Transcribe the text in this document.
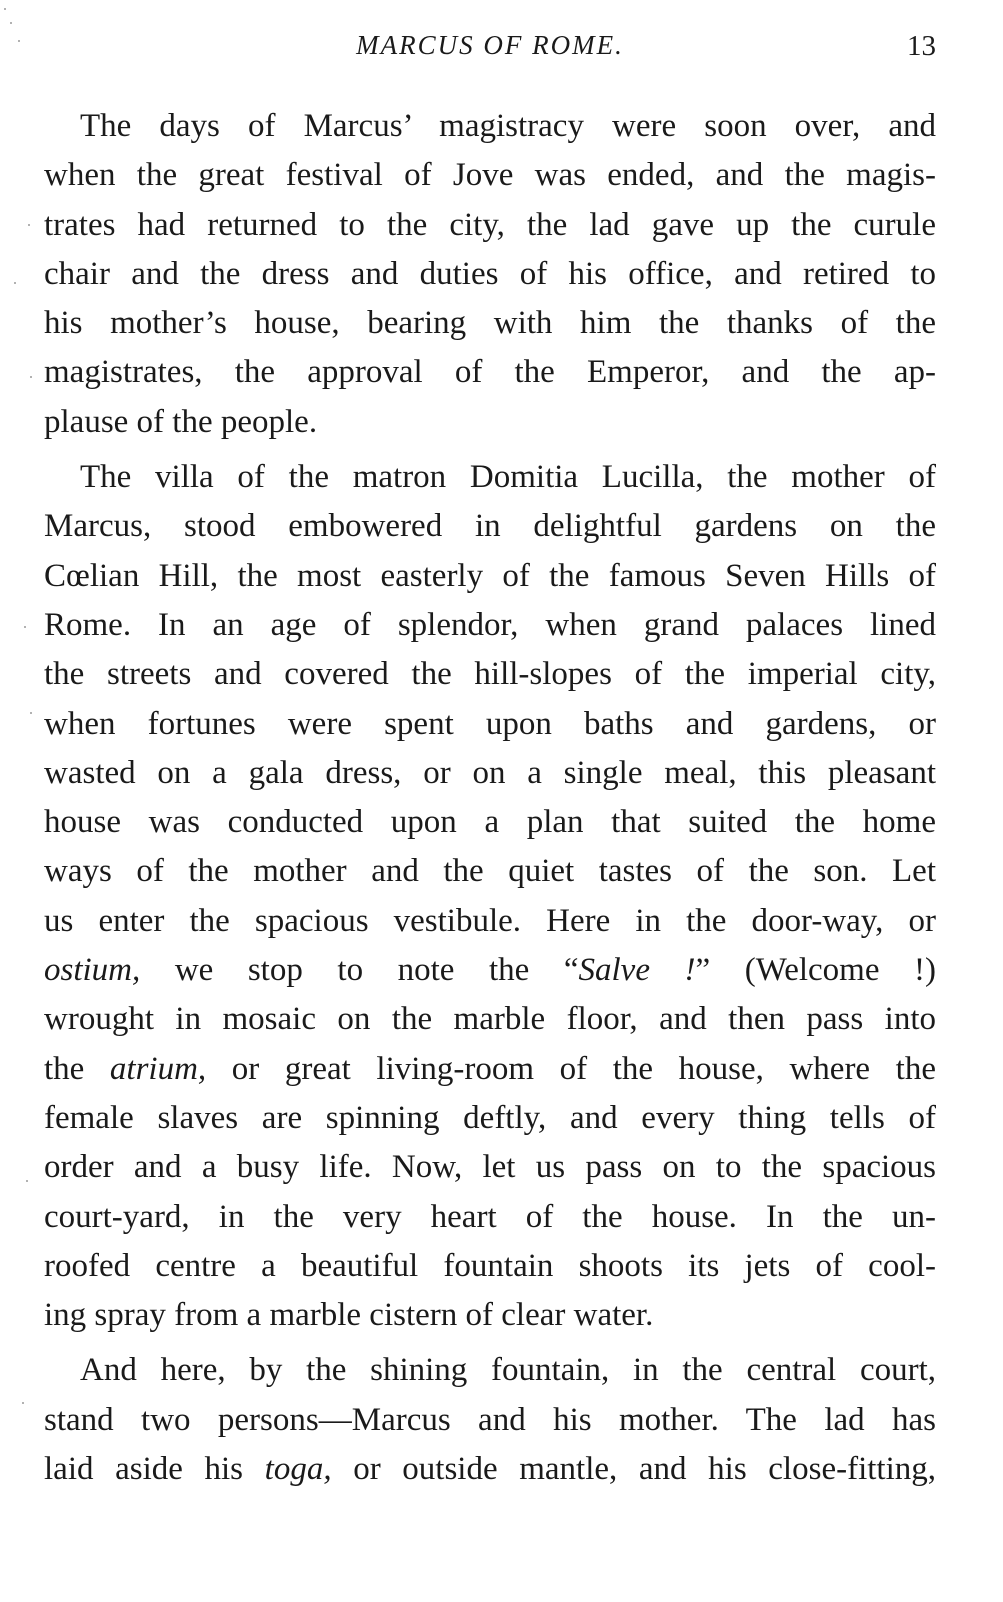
MARCUS OF ROME.	13
The days of Marcus’ magistracy were soon over, and
when the great festival of Jove was ended, and the magis-
trates had returned to the city, the lad gave up the curule
chair and the dress and duties of his office, and retired to
his mother’s house, bearing with him the thanks of the
magistrates, the approval of the Emperor, and the ap-
plause of the people.
The villa of the matron Domitia Lucilla, the mother of
Marcus, stood embowered in delightful gardens on the
Cœlian Hill, the most easterly of the famous Seven Hills of
Rome. In an age of splendor, when grand palaces lined
the streets and covered the hill-slopes of the imperial city,
when fortunes were spent upon baths and gardens, or
wasted on a gala dress, or on a single meal, this pleasant
house was conducted upon a plan that suited the home
ways of the mother and the quiet tastes of the son. Let
us enter the spacious vestibule. Here in the door-way, or
ostium, we stop to note the “Salve !” (Welcome !)
wrought in mosaic on the marble floor, and then pass into
the atrium, or great living-room of the house, where the
female slaves are spinning deftly, and every thing tells of
order and a busy life. Now, let us pass on to the spacious
court-yard, in the very heart of the house. In the un-
roofed centre a beautiful fountain shoots its jets of cool-
ing spray from a marble cistern of clear water.
And here, by the shining fountain, in the central court,
stand two persons—Marcus and his mother. The lad has
laid aside his toga, or outside mantle, and his close-fitting,
